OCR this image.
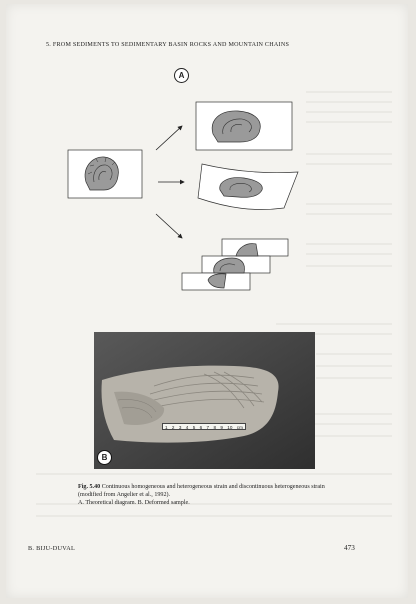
5. FROM SEDIMENTS TO SEDIMENTARY BASIN ROCKS AND MOUNTAIN CHAINS
A
1 2 3 4 5 6 7 8 9 10 cm
B
Fig. 5.40 Continuous homogeneous and heterogeneous strain and discontinuous heterogeneous strain (modified from Angelier et al., 1992).
A. Theoretical diagram. B. Deformed sample.
B. BIJU-DUVAL	473
